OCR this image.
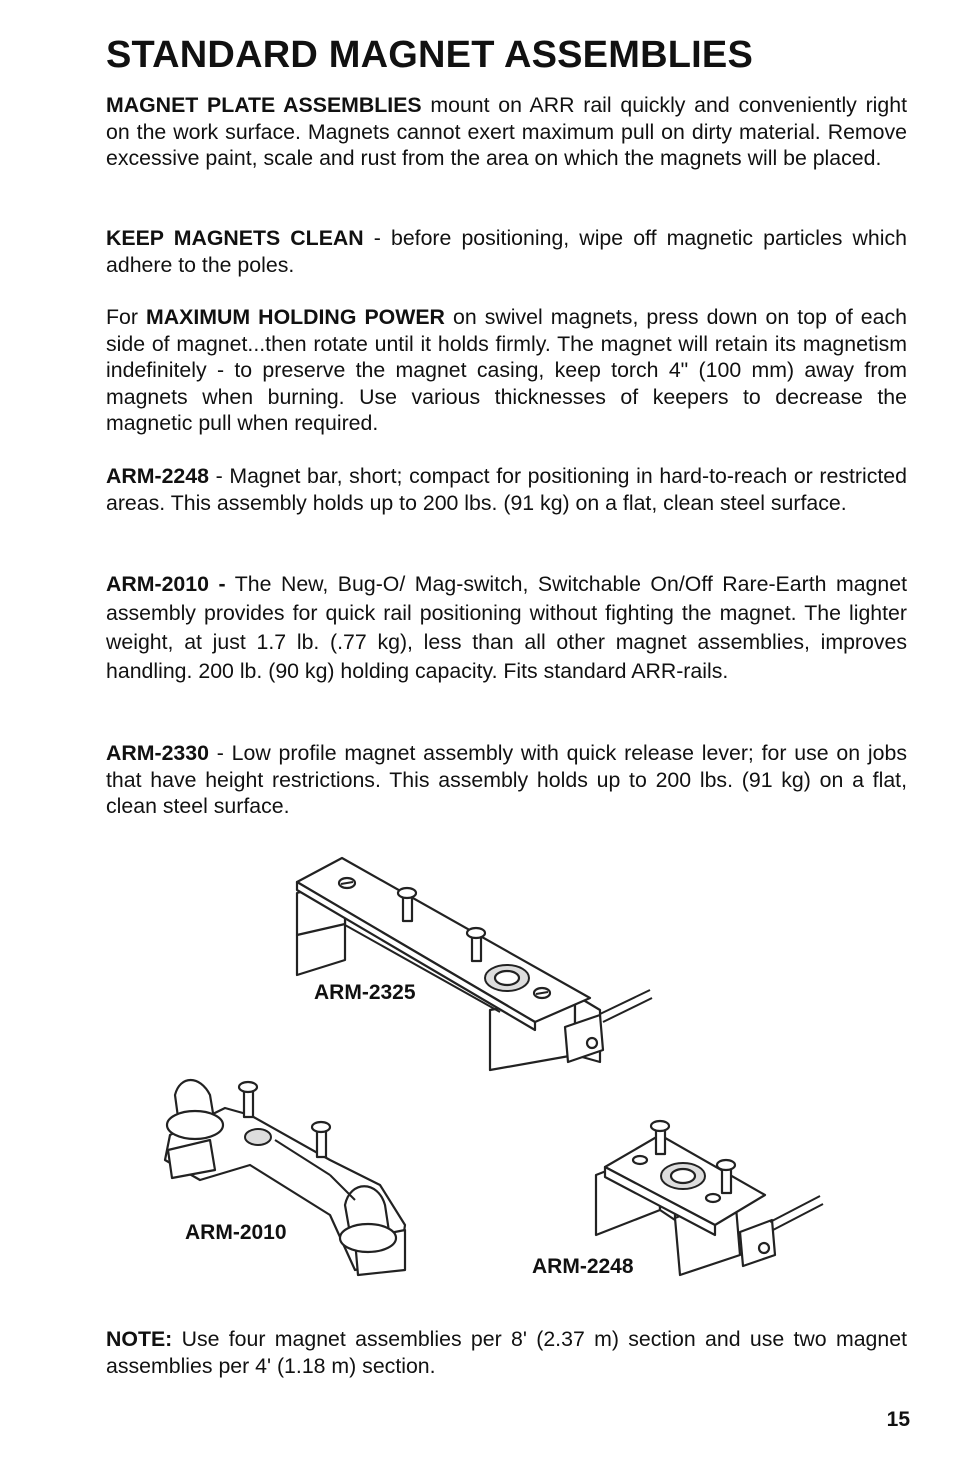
STANDARD MAGNET ASSEMBLIES

MAGNET PLATE ASSEMBLIES mount on ARR rail quickly and conveniently right on the work surface. Magnets cannot exert maximum pull on dirty material. Remove excessive paint, scale and rust from the area on which the magnets will be placed.

KEEP MAGNETS CLEAN - before positioning, wipe off magnetic particles which adhere to the poles.

For MAXIMUM HOLDING POWER on swivel magnets, press down on top of each side of magnet...then rotate until it holds firmly. The magnet will retain its magnetism indefinitely - to preserve the magnet casing, keep torch 4" (100 mm) away from magnets when burning. Use various thicknesses of keepers to decrease the magnetic pull when required.

ARM-2248 - Magnet bar, short; compact for positioning in hard-to-reach or restricted areas. This assembly holds up to 200 lbs. (91 kg) on a flat, clean steel surface.

ARM-2010 - The New, Bug-O/ Mag-switch, Switchable On/Off Rare-Earth magnet assembly provides for quick rail positioning without fighting the magnet. The lighter weight, at just 1.7 lb. (.77 kg), less than all other magnet assemblies, improves handling. 200 lb. (90 kg) holding capacity. Fits standard ARR-rails.

ARM-2330 - Low profile magnet assembly with quick release lever; for use on jobs that have height restrictions. This assembly holds up to 200 lbs. (91 kg) on a flat, clean steel surface.

ARM-2325
ARM-2010
ARM-2248

NOTE: Use four magnet assemblies per 8' (2.37 m) section and use two magnet assemblies per 4' (1.18 m) section.

15
